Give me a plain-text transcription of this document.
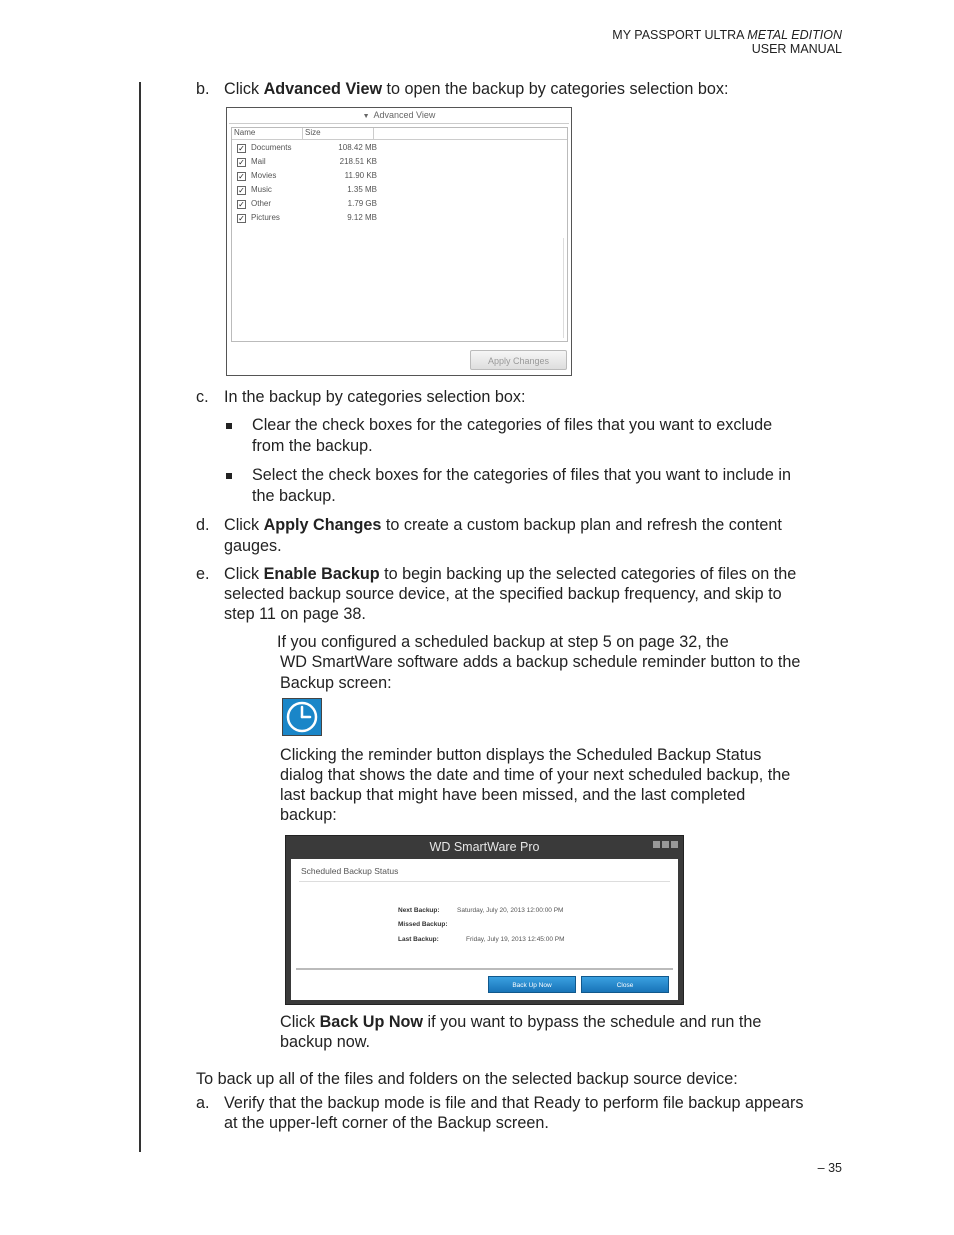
MY PASSPORT ULTRA METAL EDITION
USER MANUAL
b. Click Advanced View to open the backup by categories selection box:
▼ Advanced View
Name	Size
✓ Documents	108.42 MB
✓ Mail	218.51 KB
✓ Movies	11.90 KB
✓ Music	1.35 MB
✓ Other	1.79 GB
✓ Pictures	9.12 MB
Apply Changes
c. In the backup by categories selection box:
Clear the check boxes for the categories of files that you want to exclude
from the backup.
Select the check boxes for the categories of files that you want to include in
the backup.
d. Click Apply Changes to create a custom backup plan and refresh the content
gauges.
e. Click Enable Backup to begin backing up the selected categories of files on the
selected backup source device, at the specified backup frequency, and skip to
step 11 on page 38.
If you configured a scheduled backup at step 5 on page 32, the
WD SmartWare software adds a backup schedule reminder button to the
Backup screen:
Clicking the reminder button displays the Scheduled Backup Status
dialog that shows the date and time of your next scheduled backup, the
last backup that might have been missed, and the last completed
backup:
WD SmartWare Pro
Scheduled Backup Status
Next Backup:	Saturday, July 20, 2013 12:00:00 PM
Missed Backup:
Last Backup:	Friday, July 19, 2013 12:45:00 PM
Back Up Now	Close
Click Back Up Now if you want to bypass the schedule and run the
backup now.
To back up all of the files and folders on the selected backup source device:
a. Verify that the backup mode is file and that Ready to perform file backup appears
at the upper-left corner of the Backup screen.
– 35
